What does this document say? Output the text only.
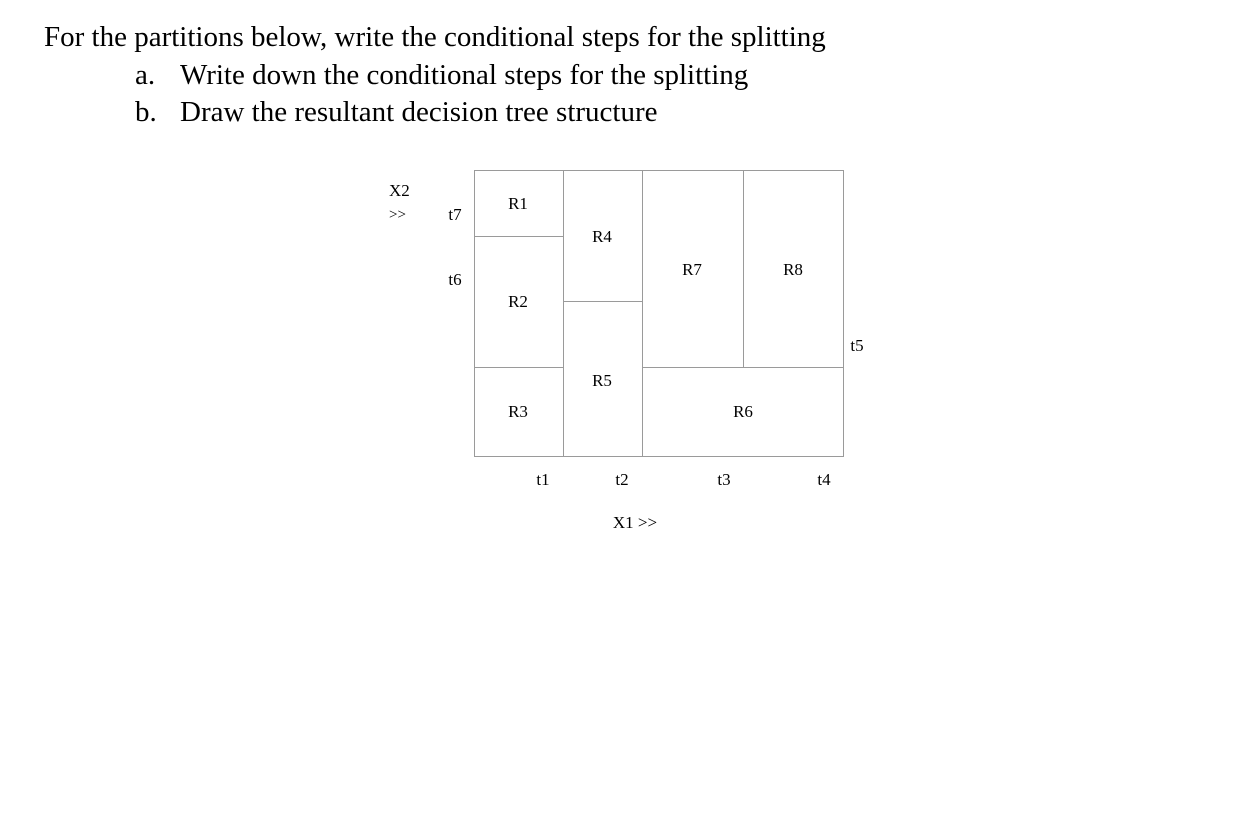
For the partitions below, write the conditional steps for the splitting
a. Write down the conditional steps for the splitting
b. Draw the resultant decision tree structure
X2
>> t7
t6
R1
R2
R3
R4
R5
R6
R7	R8
t5
t1	t2	t3	t4
X1 >>
